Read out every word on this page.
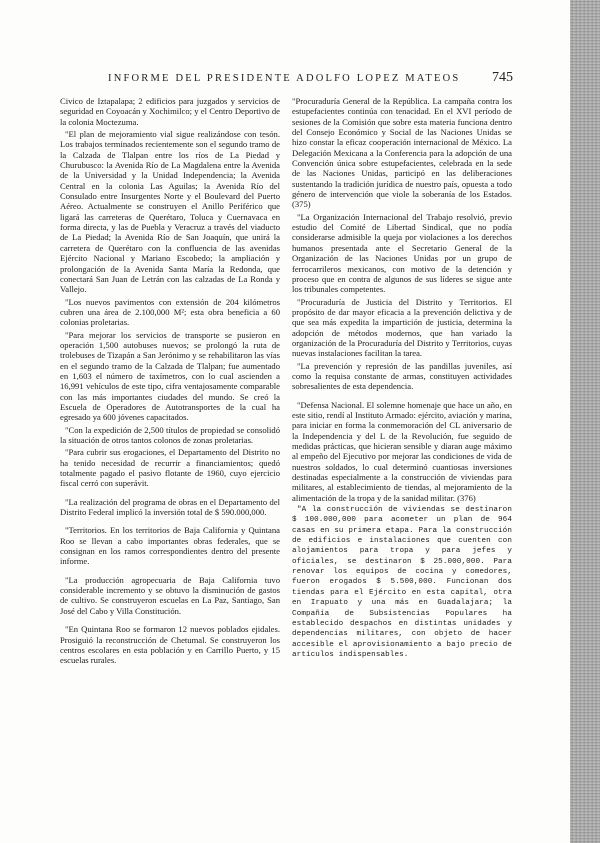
INFORME DEL PRESIDENTE ADOLFO LOPEZ MATEOS	745

Civico de Iztapalapa; 2 edificios para juzgados y servicios de seguridad en Coyoacán y Xochimilco; y el Centro Deportivo de la colonia Moctezuma.

"El plan de mejoramiento vial sigue realizándose con tesón. Los trabajos terminados recientemente son el segundo tramo de la Calzada de Tlalpan entre los ríos de La Piedad y Churubusco: la Avenida Río de La Magdalena entre la Avenida de la Universidad y la Unidad Independencia; la Avenida Central en la colonia Las Aguilas; la Avenida Río del Consulado entre Insurgentes Norte y el Boulevard del Puerto Aéreo. Actualmente se construyen el Anillo Periférico que ligará las carreteras de Querétaro, Toluca y Cuernavaca en forma directa, y las de Puebla y Veracruz a través del viaducto de La Piedad; la Avenida Río de San Joaquín, que unirá la carretera de Querétaro con la confluencia de las avenidas Ejército Nacional y Mariano Escobedo; la ampliación y prolongación de la Avenida Santa María la Redonda, que conectará San Juan de Letrán con las calzadas de La Ronda y Vallejo.

"Los nuevos pavimentos con extensión de 204 kilómetros cubren una área de 2.100,000 M²; esta obra beneficia a 60 colonias proletarias.

"Para mejorar los servicios de transporte se pusieron en operación 1,500 autobuses nuevos; se prolongó la ruta de trolebuses de Tizapán a San Jerónimo y se rehabilitaron las vías en el segundo tramo de la Calzada de Tlalpan; fue aumentado en 1,603 el número de taxímetros, con lo cual ascienden a 16,991 vehículos de este tipo, cifra ventajosamente comparable con las más importantes ciudades del mundo. Se creó la Escuela de Operadores de Autotransportes de la cual ha egresado ya 600 jóvenes capacitados.

"Con la expedición de 2,500 títulos de propiedad se consolidó la situación de otros tantos colonos de zonas proletarias.

"Para cubrir sus erogaciones, el Departamento del Distrito no ha tenido necesidad de recurrir a financiamientos; quedó totalmente pagado el pasivo flotante de 1960, cuyo ejercicio fiscal cerró con superávit.

"La realización del programa de obras en el Departamento del Distrito Federal implicó la inversión total de $ 590.000,000.

"Territorios. En los territorios de Baja California y Quintana Roo se llevan a cabo importantes obras federales, que se consignan en los ramos correspondientes dentro del presente informe.

"La producción agropecuaria de Baja California tuvo considerable incremento y se obtuvo la disminución de gastos de cultivo. Se construyeron escuelas en La Paz, Santiago, San José del Cabo y Villa Constitución.

"En Quintana Roo se formaron 12 nuevos poblados ejidales. Prosiguió la reconstrucción de Chetumal. Se construyeron los centros escolares en esta población y en Carrillo Puerto, y 15 escuelas rurales.

"Procuraduría General de la República. La campaña contra los estupefacientes continúa con tenacidad. En el XVI período de sesiones de la Comisión que sobre esta materia funciona dentro del Consejo Económico y Social de las Naciones Unidas se hizo constar la eficaz cooperación internacional de México. La Delegación Mexicana a la Conferencia para la adopción de una Convención única sobre estupefacientes, celebrada en la sede de las Naciones Unidas, participó en las deliberaciones sustentando la tradición jurídica de nuestro país, opuesta a todo género de intervención que viole la soberanía de los Estados. (375)

"La Organización Internacional del Trabajo resolvió, previo estudio del Comité de Libertad Sindical, que no podía considerarse admisible la queja por violaciones a los derechos humanos presentada ante el Secretario General de la Organización de las Naciones Unidas por un grupo de ferrocarrileros mexicanos, con motivo de la detención y proceso que en contra de algunos de sus líderes se sigue ante los tribunales competentes.

"Procuraduría de Justicia del Distrito y Territorios. El propósito de dar mayor eficacia a la prevención delictiva y de que sea más expedita la impartición de justicia, determina la adopción de métodos modernos, que han variado la organización de la Procuraduría del Distrito y Territorios, cuyas nuevas instalaciones facilitan la tarea.

"La prevención y represión de las pandillas juveniles, así como la requisa constante de armas, constituyen actividades sobresalientes de esta dependencia.

"Defensa Nacional. El solemne homenaje que hace un año, en este sitio, rendí al Instituto Armado: ejército, aviación y marina, para iniciar en forma la conmemoración del CL aniversario de la Independencia y del L de la Revolución, fue seguido de medidas prácticas, que hicieran sensible y diaran auge máximo al empeño del Ejecutivo por mejorar las condiciones de vida de nuestros soldados, lo cual determinó cuantiosas inversiones destinadas especialmente a la construcción de viviendas para militares, al establecimiento de tiendas, al mejoramiento de la alimentación de la tropa y de la sanidad militar. (376)

"A la construcción de viviendas se destinaron $ 100.000,000 para acometer un plan de 964 casas en su primera etapa. Para la construcción de edificios e instalaciones que cuenten con alojamientos para tropa y para jefes y oficiales, se destinaron $ 25.000,000. Para renovar los equipos de cocina y comedores, fueron erogados $ 5.500,000. Funcionan dos tiendas para el Ejército en esta capital, otra en Irapuato y una más en Guadalajara; la Compañía de Subsistencias Populares ha establecido despachos en distintas unidades y dependencias militares, con objeto de hacer accesible el aprovisionamiento a bajo precio de artículos indispensables.
